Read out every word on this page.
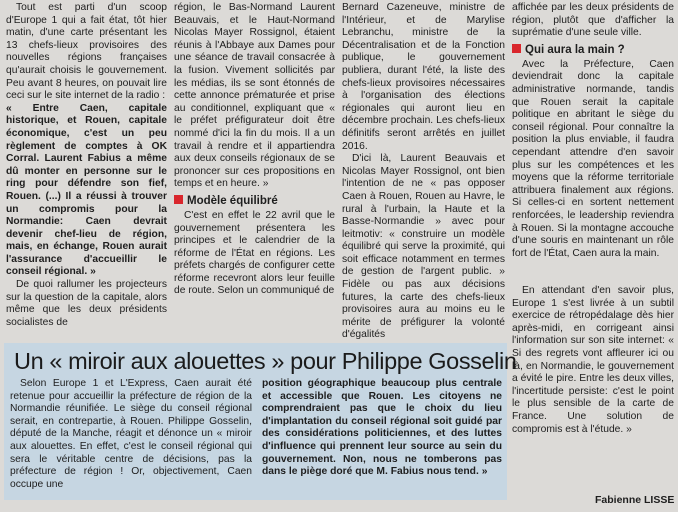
Tout est parti d'un scoop d'Europe 1 qui a fait état, tôt hier matin, d'une carte présentant les 13 chefs-lieux provisoires des nouvelles régions françaises qu'aurait choisis le gouvernement. Peu avant 8 heures, on pouvait lire ceci sur le site internet de la radio :

« Entre Caen, capitale historique, et Rouen, capitale économique, c'est un peu règlement de comptes à OK Corral. Laurent Fabius a même dû monter en personne sur le ring pour défendre son fief, Rouen. (...) Il a réussi à trouver un compromis pour la Normandie: Caen devrait devenir chef-lieu de région, mais, en échange, Rouen aurait l'assurance d'accueillir le conseil régional. »

De quoi rallumer les projecteurs sur la question de la capitale, alors même que les deux présidents socialistes de

région, le Bas-Normand Laurent Beauvais, et le Haut-Normand Nicolas Mayer Rossignol, étaient réunis à l'Abbaye aux Dames pour une séance de travail consacrée à la fusion. Vivement sollicités par les médias, ils se sont étonnés de cette annonce prématurée et prise au conditionnel, expliquant que « le préfet préfigurateur doit être nommé d'ici la fin du mois. Il a un travail à rendre et il appartiendra aux deux conseils régionaux de se prononcer sur ces propositions en temps et en heure. »

Modèle équilibré

C'est en effet le 22 avril que le gouvernement présentera les principes et le calendrier de la réforme de l'État en régions. Les préfets chargés de configurer cette réforme recevront alors leur feuille de route. Selon un communiqué de

Bernard Cazeneuve, ministre de l'Intérieur, et de Marylise Lebranchu, ministre de la Décentralisation et de la Fonction publique, le gouvernement publiera, durant l'été, la liste des chefs-lieux provisoires nécessaires à l'organisation des élections régionales qui auront lieu en décembre prochain. Les chefs-lieux définitifs seront arrêtés en juillet 2016.

D'ici là, Laurent Beauvais et Nicolas Mayer Rossignol, ont bien l'intention de ne « pas opposer Caen à Rouen, Rouen au Havre, le rural à l'urbain, la Haute et la Basse-Normandie » avec pour leitmotiv: « construire un modèle équilibré qui serve la proximité, qui soit efficace notamment en termes de gestion de l'argent public. » Fidèle ou pas aux décisions futures, la carte des chefs-lieux provisoires aura au moins eu le mérite de préfigurer la volonté d'égalités

affichée par les deux présidents de région, plutôt que d'afficher la suprématie d'une seule ville.

Qui aura la main ?

Avec la Préfecture, Caen deviendrait donc la capitale administrative normande, tandis que Rouen serait la capitale politique en abritant le siège du conseil régional. Pour connaître la position la plus enviable, il faudra cependant attendre d'en savoir plus sur les compétences et les moyens que la réforme territoriale attribuera finalement aux régions. Si celles-ci en sortent nettement renforcées, le leadership reviendra à Rouen. Si la montagne accouche d'une souris en maintenant un rôle fort de l'État, Caen aura la main.

En attendant d'en savoir plus, Europe 1 s'est livrée à un subtil exercice de rétropédalage dès hier après-midi, en corrigeant ainsi l'information sur son site internet: « Si des regrets vont affleurer ici ou là, en Normandie, le gouvernement a évité le pire. Entre les deux villes, l'incertitude persiste: c'est le point le plus sensible de la carte de France. Une solution de compromis est à l'étude. »

Un « miroir aux alouettes » pour Philippe Gosselin

Selon Europe 1 et L'Express, Caen aurait été retenue pour accueillir la préfecture de région de la Normandie réunifiée. Le siège du conseil régional serait, en contrepartie, à Rouen. Philippe Gosselin, député de la Manche, réagit et dénonce un « miroir aux alouettes. En effet, c'est le conseil régional qui sera le véritable centre de décisions, pas la préfecture de région ! Or, objectivement, Caen occupe une

position géographique beaucoup plus centrale et accessible que Rouen. Les citoyens ne comprendraient pas que le choix du lieu d'implantation du conseil régional soit guidé par des considérations politiciennes, et des luttes d'influence qui prennent leur source au sein du gouvernement. Non, nous ne tomberons pas dans le piège doré que M. Fabius nous tend. »

Fabienne LISSE
